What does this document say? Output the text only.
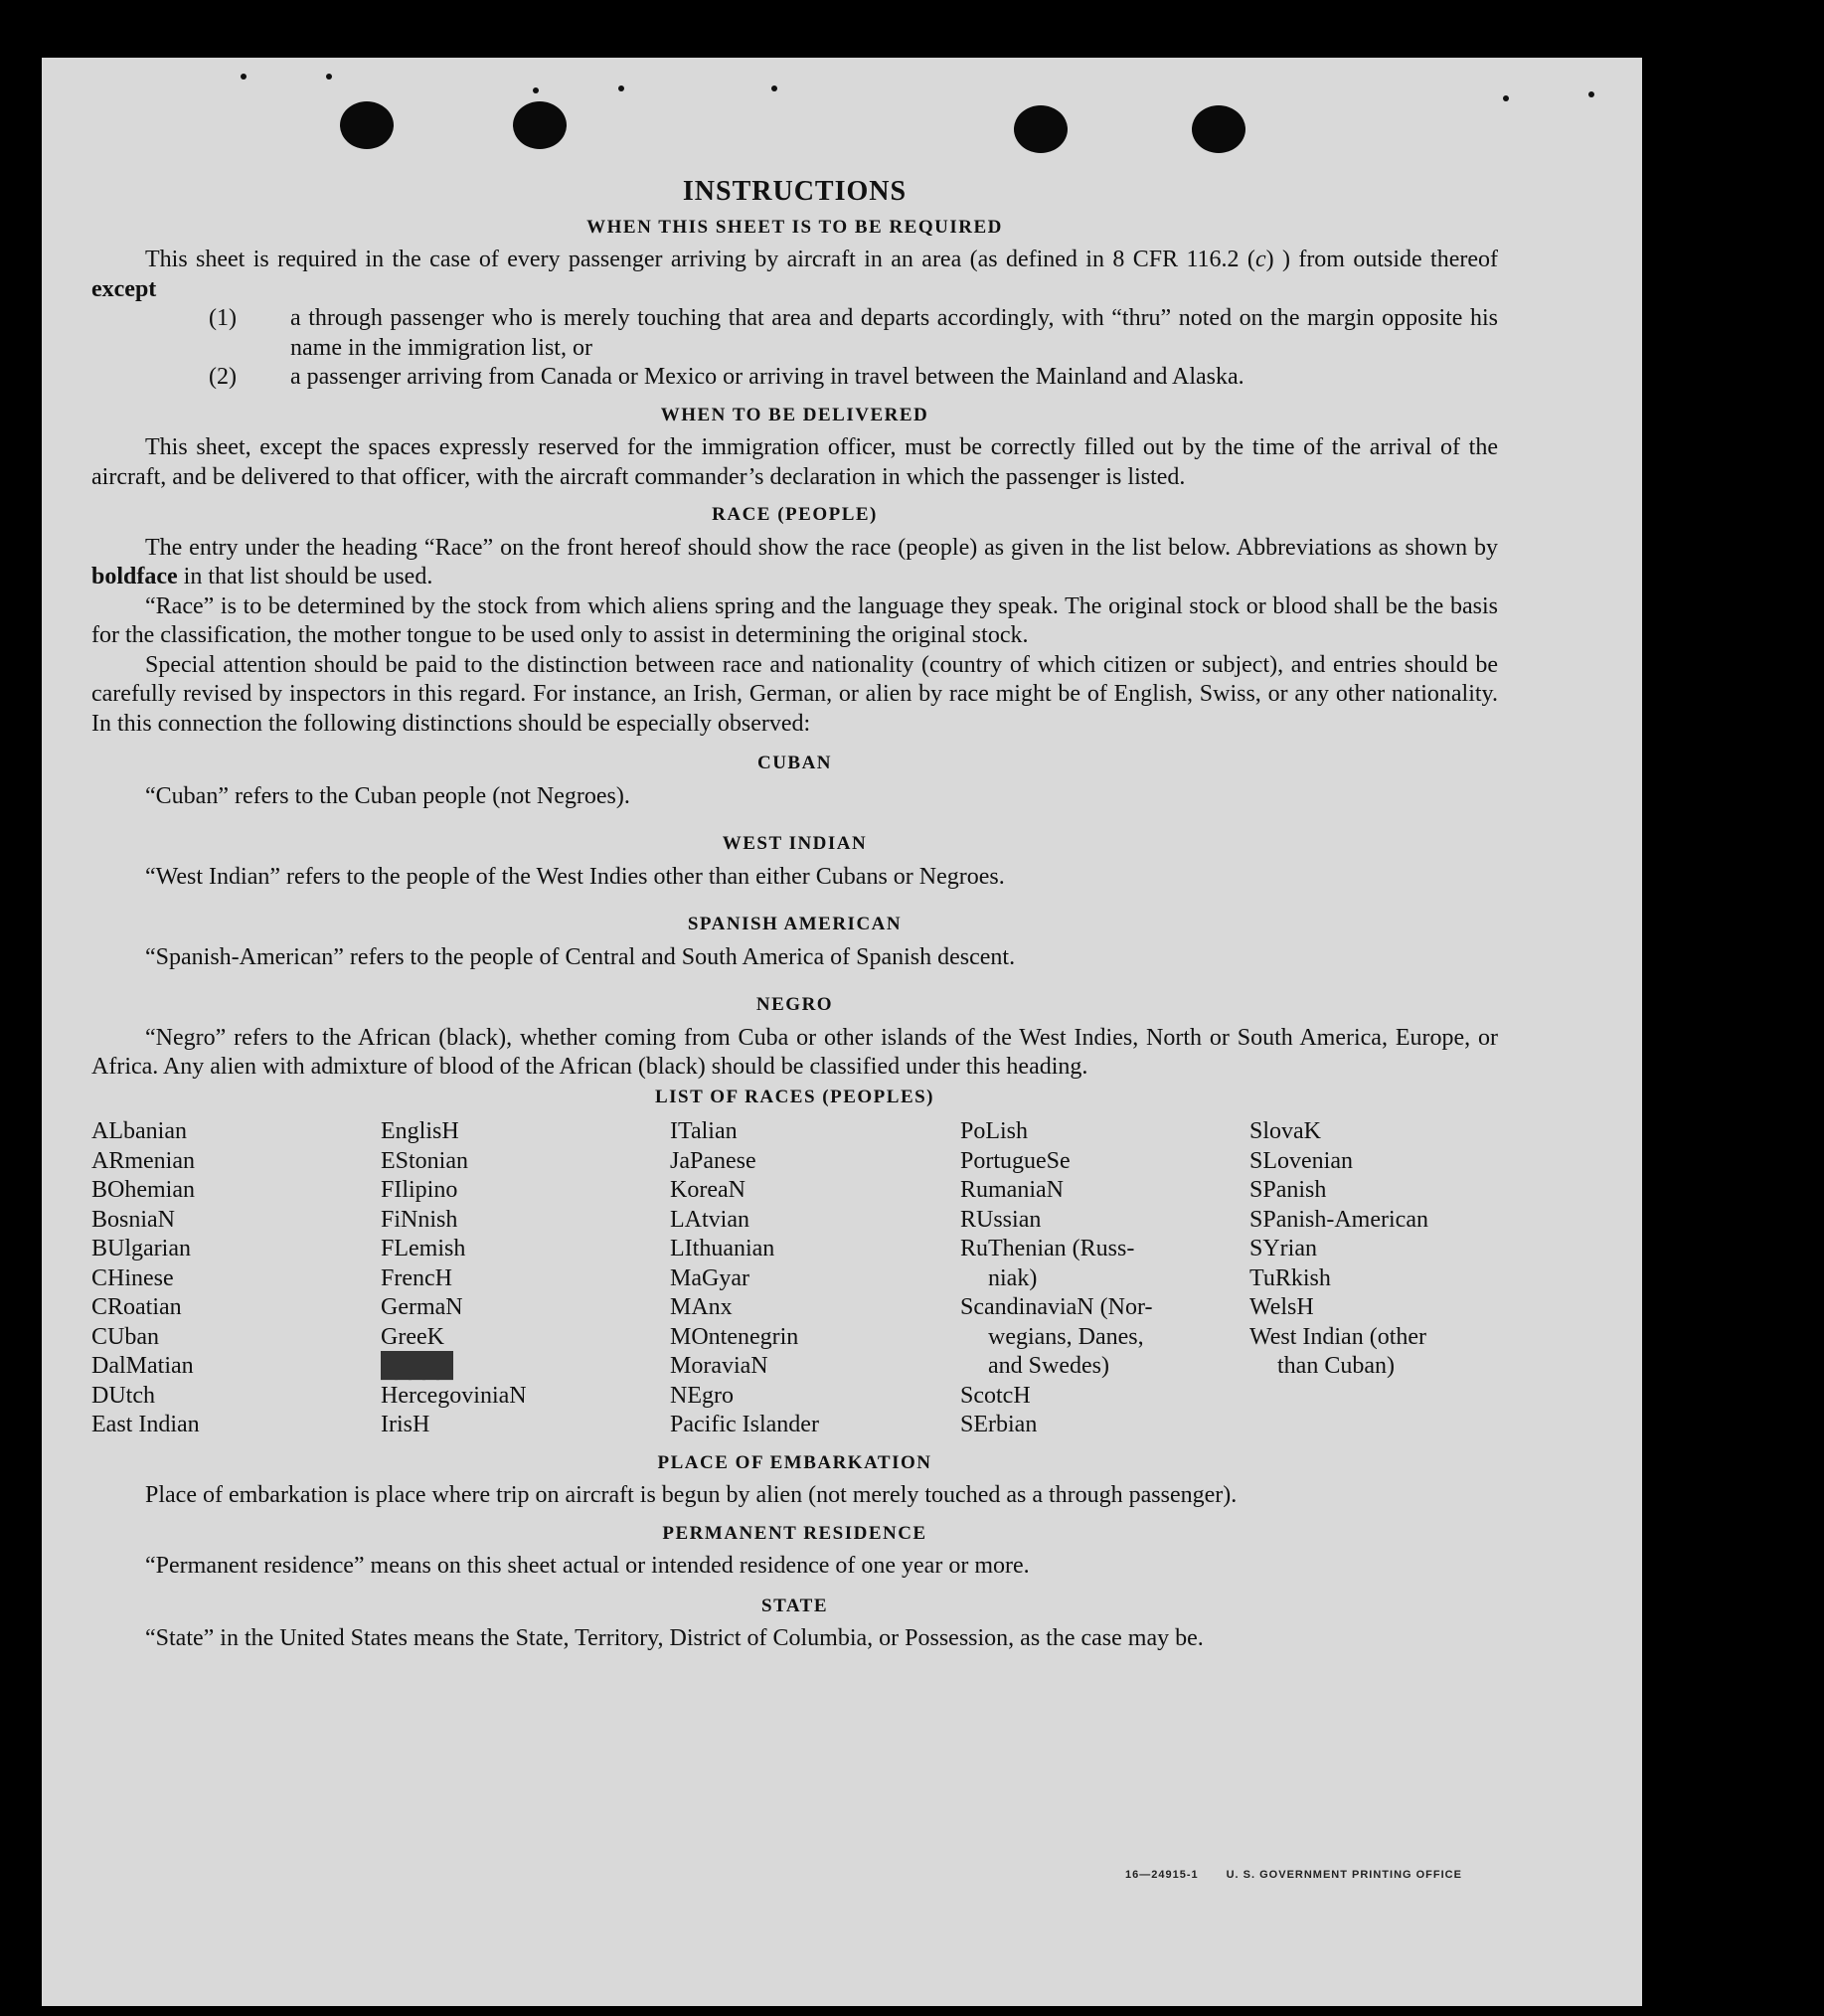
INSTRUCTIONS
WHEN THIS SHEET IS TO BE REQUIRED

This sheet is required in the case of every passenger arriving by aircraft in an area (as defined in 8 CFR 116.2 (c) ) from outside thereof except

(1) a through passenger who is merely touching that area and departs accordingly, with “thru” noted on the margin opposite his name in the immigration list, or
(2) a passenger arriving from Canada or Mexico or arriving in travel between the Mainland and Alaska.
WHEN TO BE DELIVERED

This sheet, except the spaces expressly reserved for the immigration officer, must be correctly filled out by the time of the arrival of the aircraft, and be delivered to that officer, with the aircraft commander’s declaration in which the passenger is listed.

RACE (PEOPLE)

The entry under the heading “Race” on the front hereof should show the race (people) as given in the list below. Abbreviations as shown by boldface in that list should be used.

“Race” is to be determined by the stock from which aliens spring and the language they speak. The original stock or blood shall be the basis for the classification, the mother tongue to be used only to assist in determining the original stock.

Special attention should be paid to the distinction between race and nationality (country of which citizen or subject), and entries should be carefully revised by inspectors in this regard. For instance, an Irish, German, or alien by race might be of English, Swiss, or any other nationality. In this connection the following distinctions should be especially observed:

CUBAN

“Cuban” refers to the Cuban people (not Negroes).

WEST INDIAN

“West Indian” refers to the people of the West Indies other than either Cubans or Negroes.

SPANISH AMERICAN

“Spanish-American” refers to the people of Central and South America of Spanish descent.

NEGRO

“Negro” refers to the African (black), whether coming from Cuba or other islands of the West Indies, North or South America, Europe, or Africa. Any alien with admixture of blood of the African (black) should be classified under this heading.

LIST OF RACES (PEOPLES)
ALbanian
ARmenian
BOhemian
BosniaN
BUlgarian
CHinese
CRoatian
CUban
DalMatian
DUtch
East Indian
EnglisH
EStonian
FIlipino
FiNnish
FLemish
FrencH
GermaN
GreeK
█████
HercegoviniaN
IrisH
ITalian
JaPanese
KoreaN
LAtvian
LIthuanian
MaGyar
MAnx
MOntenegrin
MoraviaN
NEgro
Pacific Islander
PoLish
PortugueSe
RumaniaN
RUssian
RuThenian (Russ-
niak)
ScandinaviaN (Nor-
wegians, Danes,
and Swedes)
ScotcH
SErbian
SlovaK
SLovenian
SPanish
SPanish-American
SYrian
TuRkish
WelsH
West Indian (other
than Cuban)
PLACE OF EMBARKATION

Place of embarkation is place where trip on aircraft is begun by alien (not merely touched as a through passenger).

PERMANENT RESIDENCE

“Permanent residence” means on this sheet actual or intended residence of one year or more.

STATE

“State” in the United States means the State, Territory, District of Columbia, or Possession, as the case may be.

16—24915-1	U. S. GOVERNMENT PRINTING OFFICE
